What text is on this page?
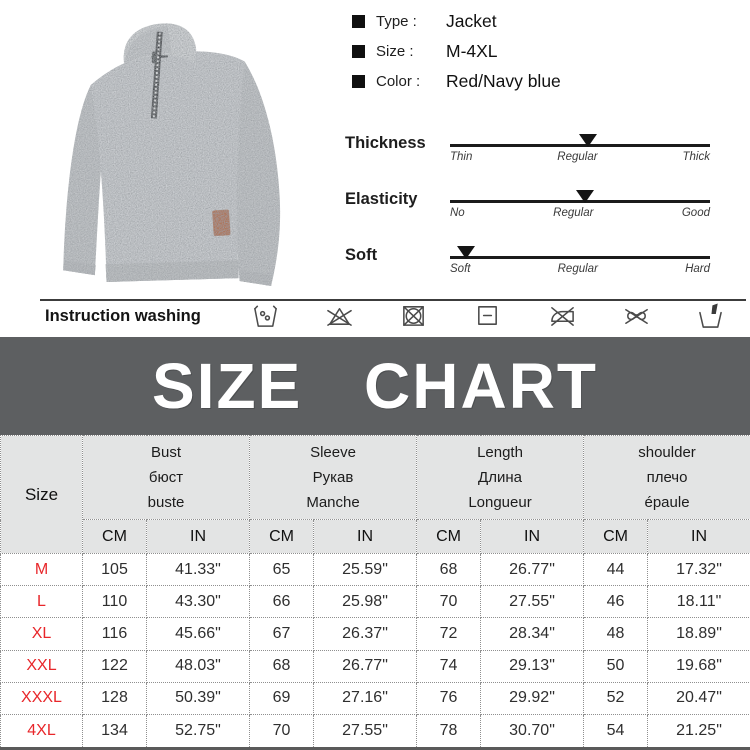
Type :	Jacket
Size :	M-4XL
Color :	Red/Navy blue
Thickness
Thin	Regular	Thick
Elasticity
No	Regular	Good
Soft
Soft	Regular	Hard
Instruction washing
SIZE CHART
Size	
Bust
бюст
buste

Sleeve
Рукав
Manche

Length
Длина
Longueur

shoulder
плечо
épaule

	CM	IN	CM	IN	CM	IN	CM	IN
M	105	41.33"	65	25.59"	68	26.77"	44	17.32"
L	110	43.30"	66	25.98"	70	27.55"	46	18.11"
XL	116	45.66"	67	26.37"	72	28.34"	48	18.89"
XXL	122	48.03"	68	26.77"	74	29.13"	50	19.68"
XXXL	128	50.39"	69	27.16"	76	29.92"	52	20.47"
4XL	134	52.75"	70	27.55"	78	30.70"	54	21.25"
